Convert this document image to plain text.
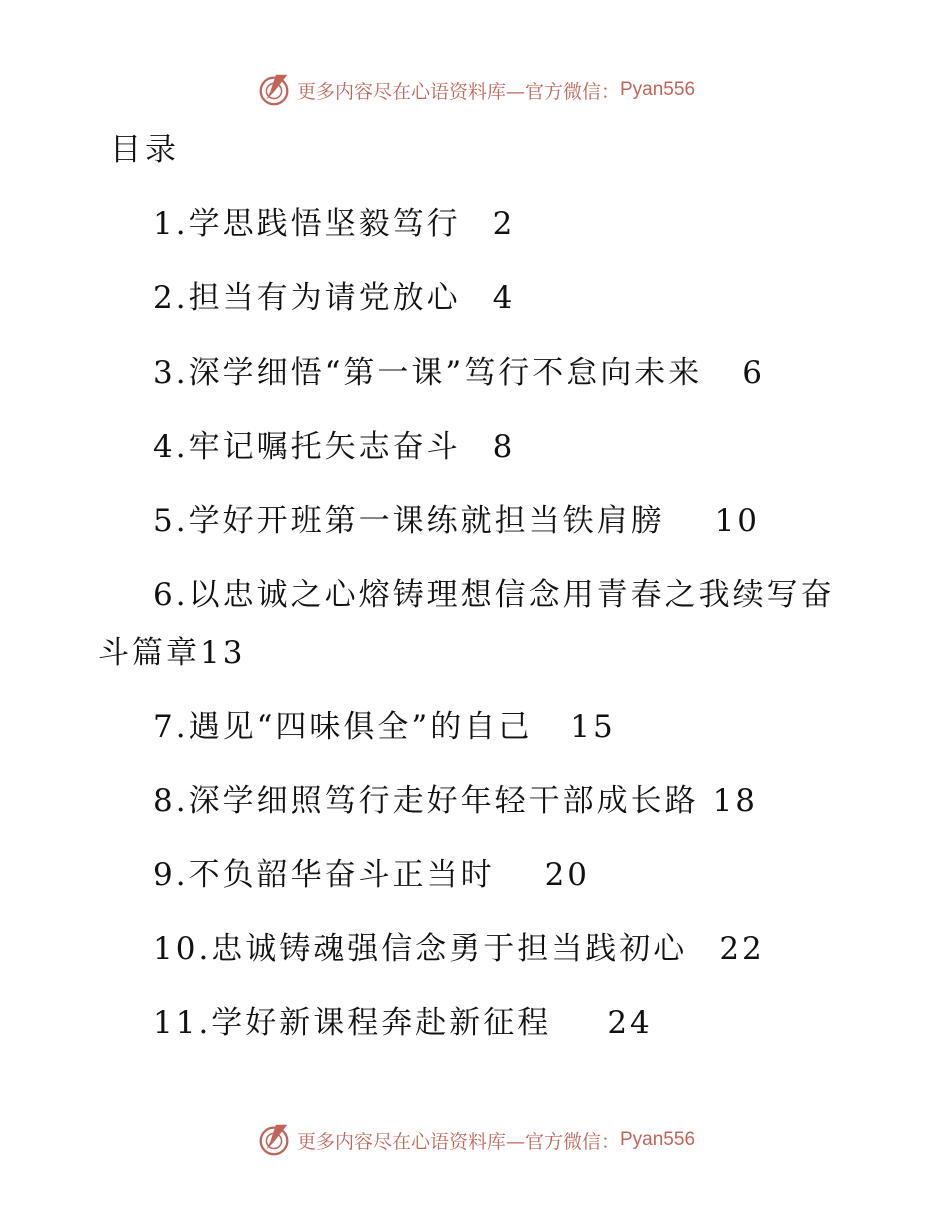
更多内容尽在心语资料库—官方微信： Pyan556
目录
1.学思践悟坚毅笃行 2
2.担当有为请党放心 4
3.深学细悟“第一课”笃行不怠向未来 6
4.牢记嘱托矢志奋斗 8
5.学好开班第一课练就担当铁肩膀 10
6.以忠诚之心熔铸理想信念用青春之我续写奋
斗篇章13
7.遇见“四味俱全”的自己 15
8.深学细照笃行走好年轻干部成长路 18
9.不负韶华奋斗正当时 20
10.忠诚铸魂强信念勇于担当践初心 22
11.学好新课程奔赴新征程 24
更多内容尽在心语资料库—官方微信： Pyan556
